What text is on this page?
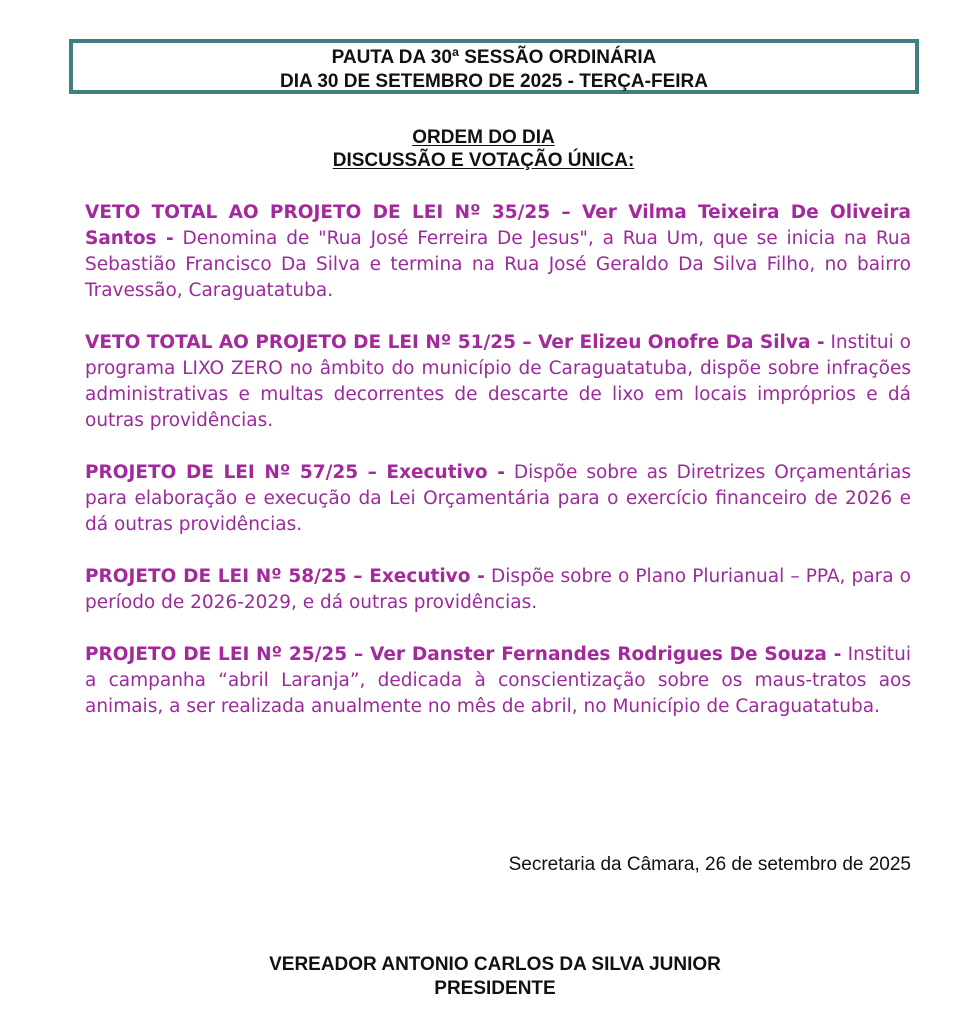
PAUTA DA 30ª SESSÃO ORDINÁRIA
DIA 30 DE SETEMBRO DE 2025 - TERÇA-FEIRA
ORDEM DO DIA
DISCUSSÃO E VOTAÇÃO ÚNICA:

VETO TOTAL AO PROJETO DE LEI Nº 35/25 – Ver Vilma Teixeira De Oliveira Santos - Denomina de "Rua José Ferreira De Jesus", a Rua Um, que se inicia na Rua Sebastião Francisco Da Silva e termina na Rua José Geraldo Da Silva Filho, no bairro Travessão, Caraguatatuba.

VETO TOTAL AO PROJETO DE LEI Nº 51/25 – Ver Elizeu Onofre Da Silva - Institui o programa LIXO ZERO no âmbito do município de Caraguatatuba, dispõe sobre infrações administrativas e multas decorrentes de descarte de lixo em locais impróprios e dá outras providências.

PROJETO DE LEI Nº 57/25 – Executivo - Dispõe sobre as Diretrizes Orçamentárias para elaboração e execução da Lei Orçamentária para o exercício financeiro de 2026 e dá outras providências.

PROJETO DE LEI Nº 58/25 – Executivo - Dispõe sobre o Plano Plurianual – PPA, para o período de 2026-2029, e dá outras providências.

PROJETO DE LEI Nº 25/25 – Ver Danster Fernandes Rodrigues De Souza - Institui a campanha “abril Laranja”, dedicada à conscientização sobre os maus-tratos aos animais, a ser realizada anualmente no mês de abril, no Município de Caraguatatuba.

Secretaria da Câmara, 26 de setembro de 2025
VEREADOR ANTONIO CARLOS DA SILVA JUNIOR
PRESIDENTE
